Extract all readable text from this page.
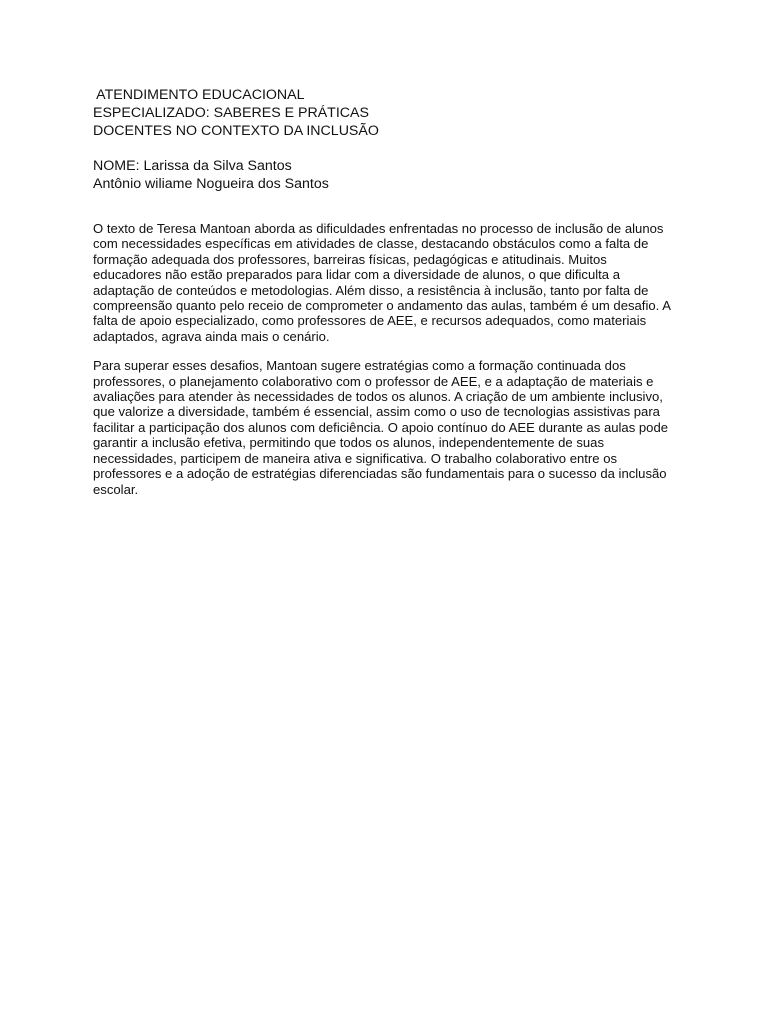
ATENDIMENTO EDUCACIONAL
ESPECIALIZADO: SABERES E PRÁTICAS
DOCENTES NO CONTEXTO DA INCLUSÃO
NOME: Larissa da Silva Santos
Antônio wiliame Nogueira dos Santos

O texto de Teresa Mantoan aborda as dificuldades enfrentadas no processo de inclusão de alunos com necessidades específicas em atividades de classe, destacando obstáculos como a falta de formação adequada dos professores, barreiras físicas, pedagógicas e atitudinais. Muitos educadores não estão preparados para lidar com a diversidade de alunos, o que dificulta a adaptação de conteúdos e metodologias. Além disso, a resistência à inclusão, tanto por falta de compreensão quanto pelo receio de comprometer o andamento das aulas, também é um desafio. A falta de apoio especializado, como professores de AEE, e recursos adequados, como materiais adaptados, agrava ainda mais o cenário.

Para superar esses desafios, Mantoan sugere estratégias como a formação continuada dos professores, o planejamento colaborativo com o professor de AEE, e a adaptação de materiais e avaliações para atender às necessidades de todos os alunos. A criação de um ambiente inclusivo, que valorize a diversidade, também é essencial, assim como o uso de tecnologias assistivas para facilitar a participação dos alunos com deficiência. O apoio contínuo do AEE durante as aulas pode garantir a inclusão efetiva, permitindo que todos os alunos, independentemente de suas necessidades, participem de maneira ativa e significativa. O trabalho colaborativo entre os professores e a adoção de estratégias diferenciadas são fundamentais para o sucesso da inclusão escolar.
